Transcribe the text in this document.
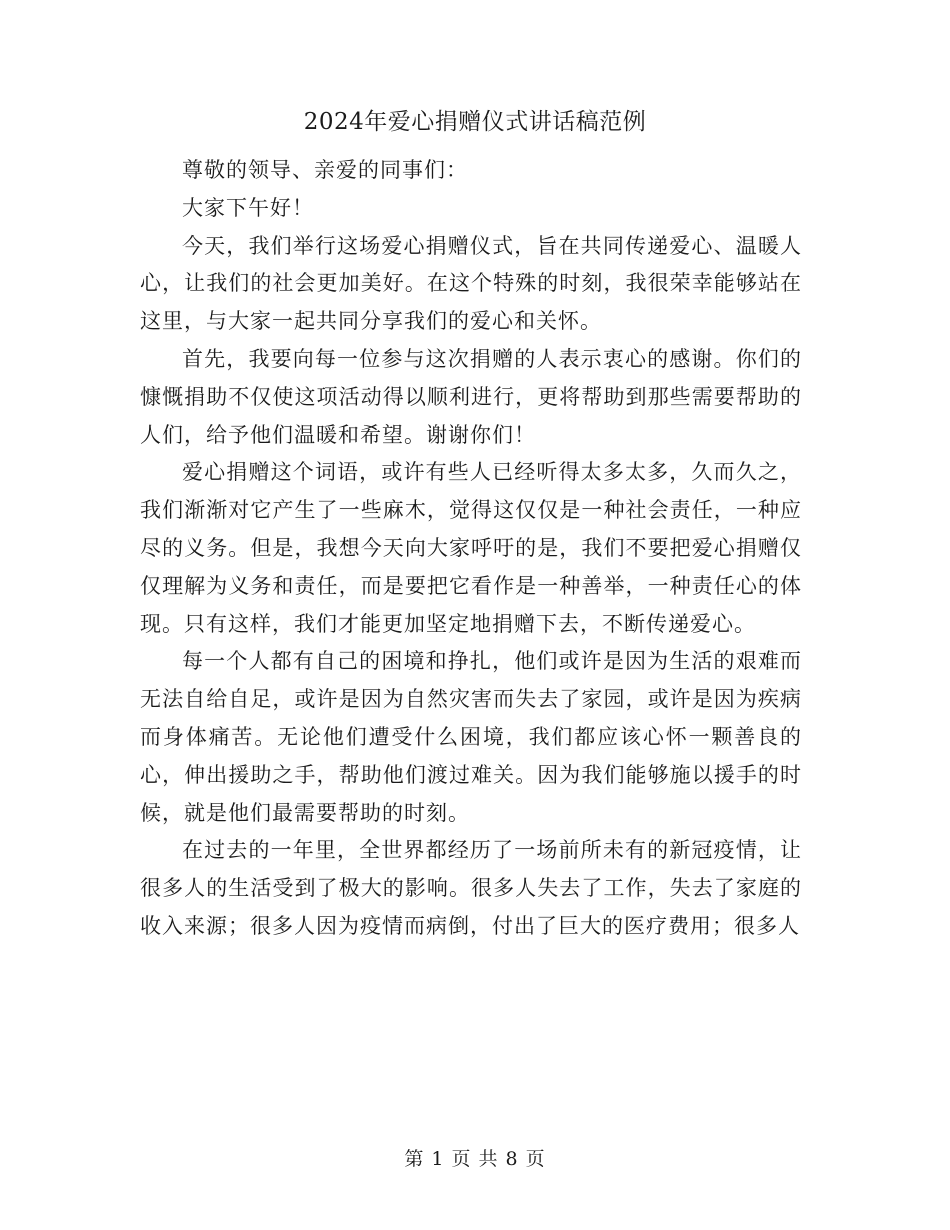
2024年爱心捐赠仪式讲话稿范例

尊敬的领导、亲爱的同事们：

大家下午好！

今天，我们举行这场爱心捐赠仪式，旨在共同传递爱心、温暖人心，让我们的社会更加美好。在这个特殊的时刻，我很荣幸能够站在这里，与大家一起共同分享我们的爱心和关怀。

首先，我要向每一位参与这次捐赠的人表示衷心的感谢。你们的慷慨捐助不仅使这项活动得以顺利进行，更将帮助到那些需要帮助的人们，给予他们温暖和希望。谢谢你们！

爱心捐赠这个词语，或许有些人已经听得太多太多，久而久之，我们渐渐对它产生了一些麻木，觉得这仅仅是一种社会责任，一种应尽的义务。但是，我想今天向大家呼吁的是，我们不要把爱心捐赠仅仅理解为义务和责任，而是要把它看作是一种善举，一种责任心的体现。只有这样，我们才能更加坚定地捐赠下去，不断传递爱心。

每一个人都有自己的困境和挣扎，他们或许是因为生活的艰难而无法自给自足，或许是因为自然灾害而失去了家园，或许是因为疾病而身体痛苦。无论他们遭受什么困境，我们都应该心怀一颗善良的心，伸出援助之手，帮助他们渡过难关。因为我们能够施以援手的时候，就是他们最需要帮助的时刻。

在过去的一年里，全世界都经历了一场前所未有的新冠疫情，让很多人的生活受到了极大的影响。很多人失去了工作，失去了家庭的收入来源；很多人因为疫情而病倒，付出了巨大的医疗费用；很多人

第 1 页 共 8 页
